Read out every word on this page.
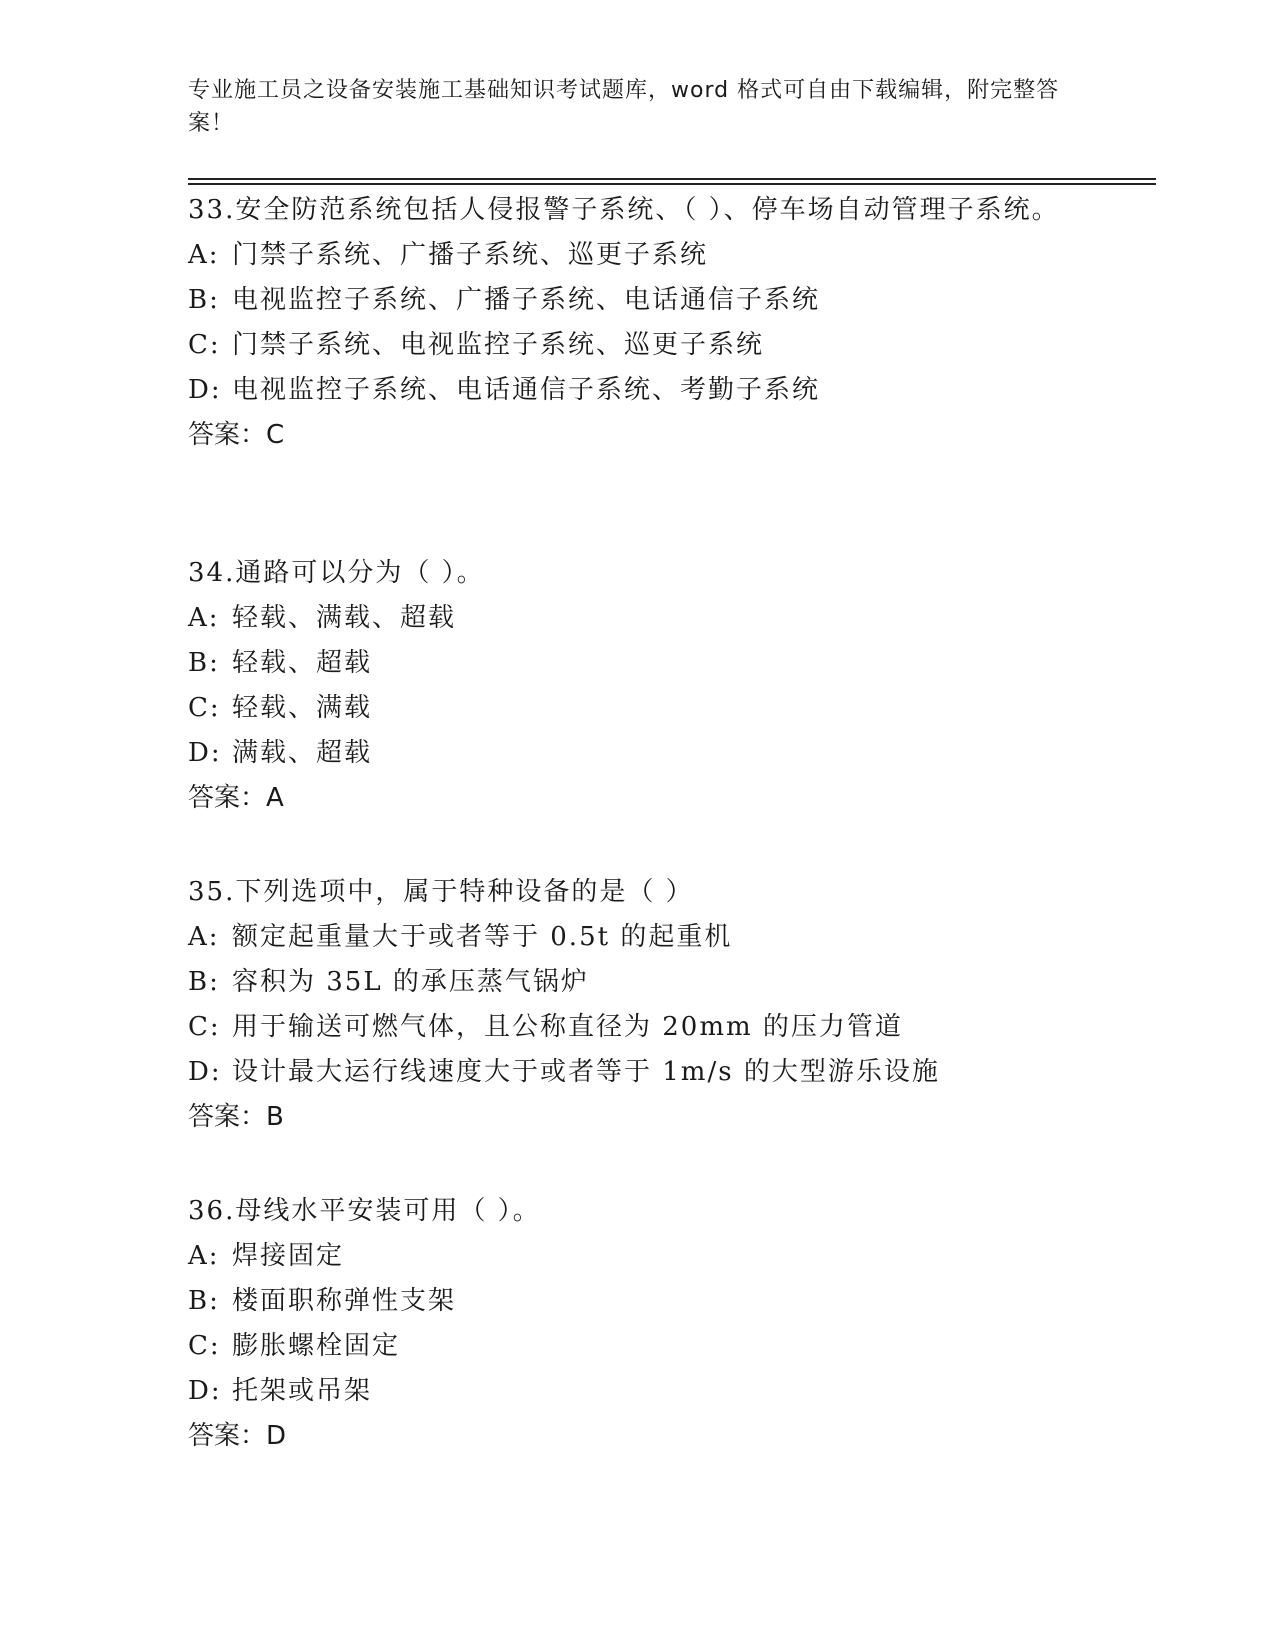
专业施工员之设备安装施工基础知识考试题库，word 格式可自由下载编辑，附完整答案！

33.安全防范系统包括人侵报警子系统、（ ）、停车场自动管理子系统。

A: 门禁子系统、广播子系统、巡更子系统

B: 电视监控子系统、广播子系统、电话通信子系统

C: 门禁子系统、电视监控子系统、巡更子系统

D: 电视监控子系统、电话通信子系统、考勤子系统

答案：C

34.通路可以分为（ ）。

A: 轻载、满载、超载

B: 轻载、超载

C: 轻载、满载

D: 满载、超载

答案：A

35.下列选项中，属于特种设备的是（ ）

A: 额定起重量大于或者等于 0.5t 的起重机

B: 容积为 35L 的承压蒸气锅炉

C: 用于输送可燃气体，且公称直径为 20mm 的压力管道

D: 设计最大运行线速度大于或者等于 1m/s 的大型游乐设施

答案：B

36.母线水平安装可用（ ）。

A: 焊接固定

B: 楼面职称弹性支架

C: 膨胀螺栓固定

D: 托架或吊架

答案：D
